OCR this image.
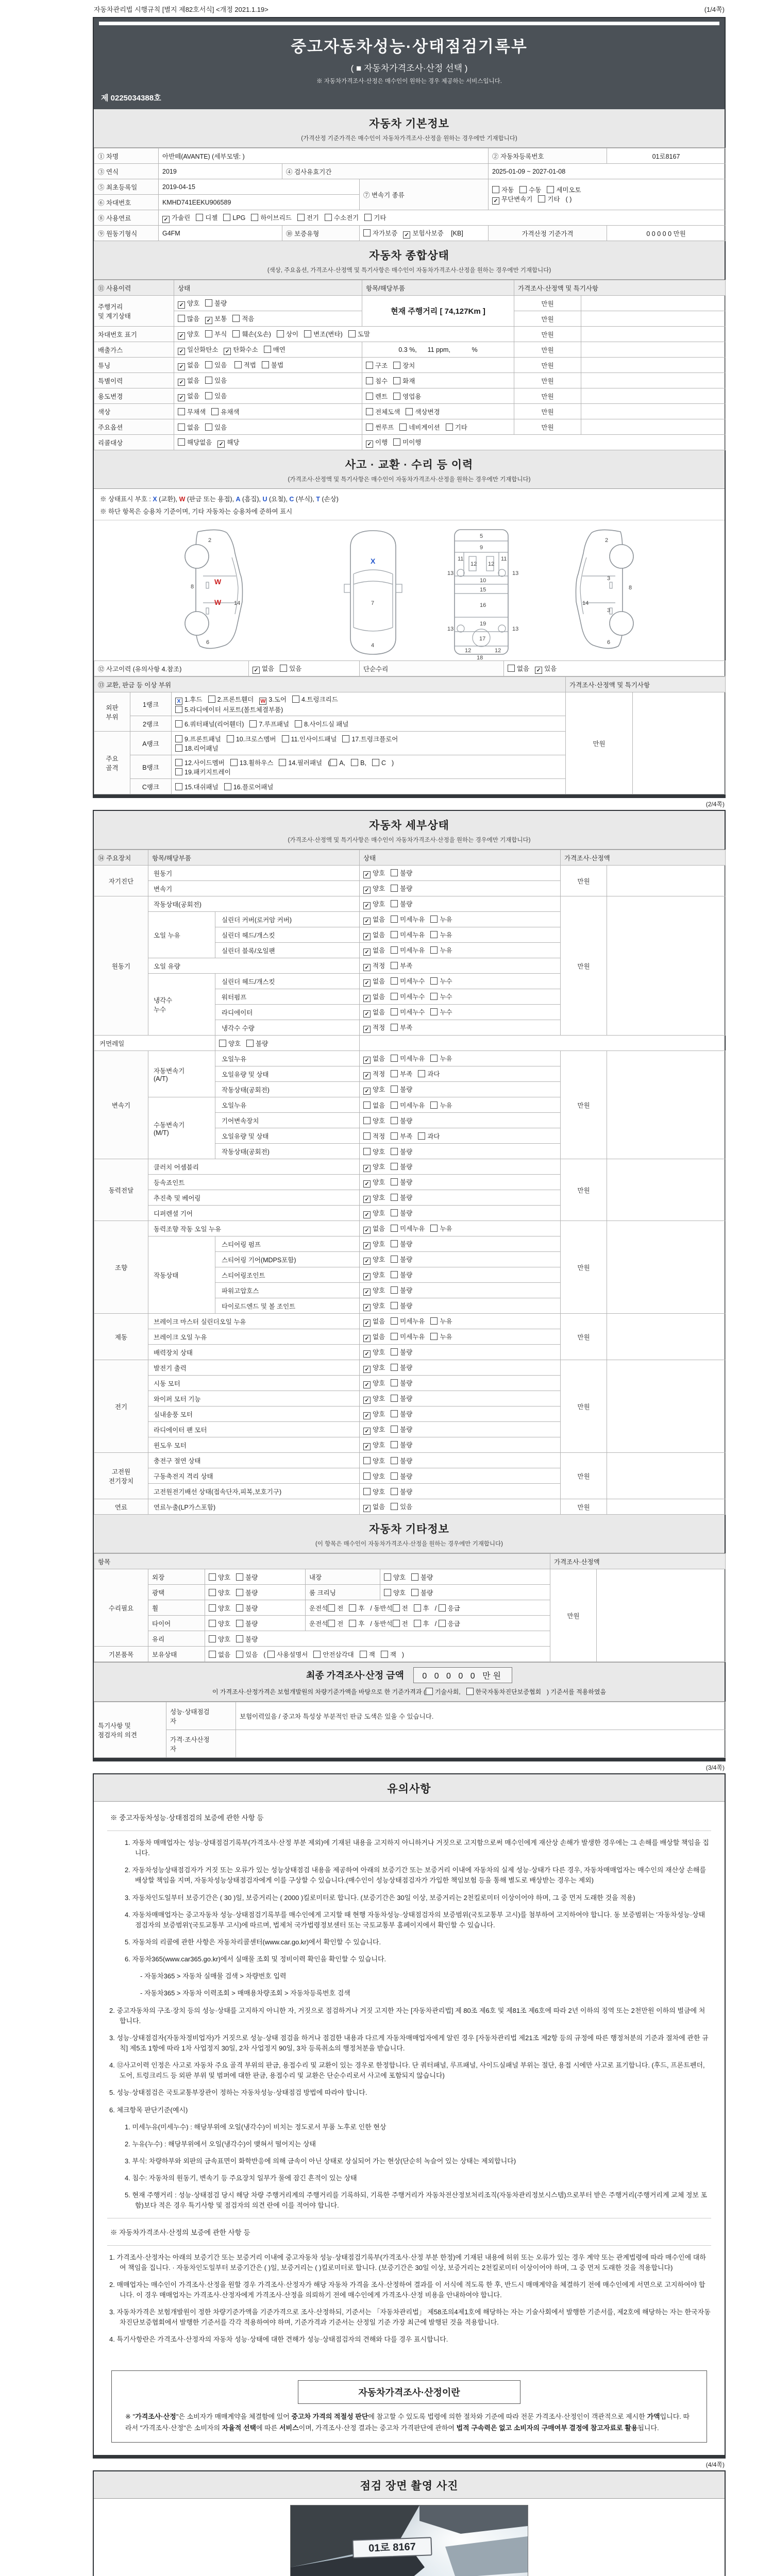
자동차관리법 시행규칙 [별지 제82호서식] <개정 2021.1.19>	(1/4쪽)
중고자동차성능·상태점검기록부
( ■ 자동차가격조사·산정 선택 )
※ 자동차가격조사·산정은 매수인이 원하는 경우 제공하는 서비스입니다.
제 0225034388호
자동차 기본정보
(가격산정 기준가격은 매수인이 자동차가격조사·산정을 원하는 경우에만 기재합니다)
① 차명	아반떼(AVANTE) (세부모델: )			② 자동차등록번호	01로8167
③ 연식	2019	④ 검사유효기간		2025-01-09 ~ 2027-01-08	
⑤ 최초등록일	2019-04-15		⑦ 변속기 종류	자동 수동 세미오토
✓ 무단변속기 기타 ( )	
⑥ 차대번호	KMHD741EEKU906589				
⑧ 사용연료	✓ 가솔린 디젤 LPG 하이브리드 전기 수소전기 기타				
⑨ 원동기형식	G4FM	⑩ 보증유형	자가보증 ✓ 보험사보증 [KB]	가격산정 기준가격	0 0 0 0 0 만원
자동차 종합상태
(색상, 주요옵션, 가격조사·산정액 및 특기사항은 매수인이 자동차가격조사·산정을 원하는 경우에만 기재합니다)
⑪ 사용이력	상태	항목/해당부품	가격조사·산정액 및 특기사항	
주행거리
및 계기상태	✓ 양호 불량	현재 주행거리 [ 74,127Km ]	만원	
	많음 ✓ 보통 적음		만원	
차대번호 표기	✓ 양호 부식 훼손(오손) 상이 변조(변타) 도말		만원	
배출가스	✓ 일산화탄소 ✓ 탄화수소 매연	0.3 %,      11 ppm,            %	만원	
튜닝	✓ 없음 있음 적법 불법	구조 장치	만원	
특별이력	✓ 없음 있음	침수 화재	만원	
용도변경	✓ 없음 있음	렌트 영업용	만원	
색상	무채색 유채색	전체도색 색상변경	만원	
주요옵션	없음 있음	썬루프 네비게이션 기타	만원	
리콜대상	해당없음 ✓ 해당	✓ 이행 미이행		
사고 · 교환 · 수리 등 이력
(가격조사·산정액 및 특기사항은 매수인이 자동차가격조사·산정을 원하는 경우에만 기재합니다)
※ 상태표시 부호 : X (교환), W (판금 또는 용접), A (흠집), U (요철), C (부식), T (손상)
※ 하단 항목은 승용차 기준이며, 기타 자동차는 승용차에 준하여 표시
2
8
14
6
W
W
X
7
4
5
9
11	11
13	13
12 12
10
15
16
19
13	13
12	12
17
18
2
3
8
14
3
6
⑫ 사고이력 (유의사항 4.참조)	✓ 없음 있음	단순수리	없음 ✓ 있음
⑬ 교환, 판금 등 이상 부위			가격조사·산정액 및 특기사항	
외판
부위	1랭크	X 1.후드 2.프론트휀더 W 3.도어 4.트렁크리드
5.라디에이터 서포트(볼트체결부품)	만원	
	2랭크	6.쿼터패널(리어휀더) 7.루프패널 8.사이드실 패널		
주요
골격	A랭크	9.프론트패널 10.크로스멤버 11.인사이드패널 17.트렁크플로어
18.리어패널		
	B랭크	12.사이드멤버 13.휠하우스 14.필러패널 ( A, B, C )
19.패키지트레이		
	C랭크	15.대쉬패널 16.플로어패널		
(2/4쪽)
자동차 세부상태
(가격조사·산정액 및 특기사항은 매수인이 자동차가격조사·산정을 원하는 경우에만 기재합니다)
⑭ 주요장치	항목/해당부품		상태	가격조사·산정액	
자기진단	원동기		✓ 양호 불량	만원	
	변속기		✓ 양호 불량		
원동기	작동상태(공회전)		✓ 양호 불량	만원	
	오일 누유	실린더 커버(로커암 커버)	✓ 없음 미세누유 누유		
		실린더 헤드/개스킷	✓ 없음 미세누유 누유		
		실린더 블록/오일팬	✓ 없음 미세누유 누유		
	오일 유량		✓ 적정 부족		
	냉각수
누수	실린더 헤드/개스킷	✓ 없음 미세누수 누수		
		워터펌프	✓ 없음 미세누수 누수		
		라디에이터	✓ 없음 미세누수 누수		
		냉각수 수량	✓ 적정 부족		
커먼레일		양호 불량			
변속기	자동변속기
(A/T)	오일누유	✓ 없음 미세누유 누유	만원	
		오일유량 및 상태	✓ 적정 부족 과다		
		작동상태(공회전)	✓ 양호 불량		
	수동변속기
(M/T)	오일누유	없음 미세누유 누유		
		기어변속장치	양호 불량		
		오일유량 및 상태	적정 부족 과다		
		작동상태(공회전)	양호 불량		
동력전달	클러치 어셈블리		✓ 양호 불량	만원	
	등속죠인트		✓ 양호 불량		
	추진축 및 베어링		✓ 양호 불량		
	디퍼렌셜 기어		✓ 양호 불량		
조향	동력조향 작동 오일 누유		✓ 없음 미세누유 누유	만원	
	작동상태	스티어링 펌프	✓ 양호 불량		
		스티어링 기어(MDPS포함)	✓ 양호 불량		
		스티어링조인트	✓ 양호 불량		
		파워고압호스	✓ 양호 불량		
		타이로드엔드 및 볼 조인트	✓ 양호 불량		
제동	브레이크 마스터 실린더오일 누유		✓ 없음 미세누유 누유	만원	
	브레이크 오일 누유		✓ 없음 미세누유 누유		
	배력장치 상태		✓ 양호 불량		
전기	발전기 출력		✓ 양호 불량	만원	
	시동 모터		✓ 양호 불량		
	와이퍼 모터 기능		✓ 양호 불량		
	실내송풍 모터		✓ 양호 불량		
	라디에이터 팬 모터		✓ 양호 불량		
	윈도우 모터		✓ 양호 불량		
고전원
전기장치	충전구 절연 상태		양호 불량	만원	
	구동축전지 격리 상태		양호 불량		
	고전원전기배선 상태(접속단자,피복,보호기구)		양호 불량		
연료	연료누출(LP가스포함)		✓ 없음 있음	만원	
자동차 기타정보
(이 항목은 매수인이 자동차가격조사·산정을 원하는 경우에만 기재합니다)
항목					가격조사·산정액	
수리필요	외장	양호 불량	내장	양호 불량	만원	
	광택	양호 불량	룸 크리닝	양호 불량		
	휠	양호 불량	운전석 전 후 / 동반석 전 후 / 응급			
	타이어	양호 불량	운전석 전 후 / 동반석 전 후 / 응급			
	유리	양호 불량				
기본품목	보유상태	없음 있음 ( 사용설명서 안전삼각대 잭 잭 )				
최종 가격조사·산정 금액 0 0 0 0 0 만원
이 가격조사·산정가격은 보험개발원의 차량기준가액을 바탕으로 한 기준가격과 ( 기술사회, 한국자동차진단보증협회 ) 기준서를 적용하였음
특기사항 및
점검자의 의견	성능·상태점검
자	보험이력있음 / 중고차 특성상 부분적인 판금 도색은 있을 수 있습니다.
	가격·조사산정
자	
(3/4쪽)
유의사항
※ 중고자동차성능·상태점검의 보증에 관한 사항 등
1. 자동차 매매업자는 성능·상태점검기록부(가격조사·산정 부분 제외)에 기재된 내용을 고지하지 아니하거나 거짓으로 고지함으로써 매수인에게 재산상 손해가 발생한 경우에는 그 손해를 배상할 책임을 집니다.
2. 자동차성능상태점검자가 거짓 또는 오류가 있는 성능상태점검 내용을 제공하여 아래의 보증기간 또는 보증거리 이내에 자동차의 실제 성능·상태가 다른 경우, 자동차매매업자는 매수인의 재산상 손해를 배상할 책임을 지며, 자동차성능상태점검자에게 이를 구상할 수 있습니다.(매수인이 성능상태점검자가 가입한 책임보험 등을 통해 별도로 배상받는 경우는 제외)
3. 자동차인도일부터 보증기간은 ( 30 )일, 보증거리는 ( 2000 )킬로미터로 합니다. (보증기간은 30일 이상, 보증거리는 2천킬로미터 이상이어야 하며, 그 중 먼저 도래한 것을 적용)
4. 자동차매매업자는 중고자동차 성능·상태점검기록부를 매수인에게 고지할 때 현행 자동차성능·상태점검자의 보증범위(국토교통부 고시)를 첨부하여 고지하여야 합니다. 동 보증범위는 '자동차성능·상태점검자의 보증범위'(국토교통부 고시)에 따르며, 법제처 국가법령정보센터 또는 국토교통부 홈페이지에서 확인할 수 있습니다.
5. 자동차의 리콜에 관한 사항은 자동차리콜센터(www.car.go.kr)에서 확인할 수 있습니다.
6. 자동차365(www.car365.go.kr)에서 실매물 조회 및 정비이력 확인을 확인할 수 있습니다.
- 자동차365 > 자동차 실매물 검색 > 차량번호 입력
- 자동차365 > 자동차 이력조회 > 매매용차량조회 > 자동차등록번호 검색
2. 중고자동차의 구조·장치 등의 성능·상태를 고지하지 아니한 자, 거짓으로 점검하거나 거짓 고지한 자는 [자동차관리법] 제 80조 제6호 및 제81조 제6호에 따라 2년 이하의 징역 또는 2천만원 이하의 벌금에 처합니다.
3. 성능·상태점검자(자동차정비업자)가 거짓으로 성능·상태 점검을 하거나 점검한 내용과 다르게 자동차매매업자에게 알린 경우 [자동차관리법 제21조 제2항 등의 규정에 따른 행정처분의 기준과 절차에 관한 규칙] 제5조 1항에 따라 1차 사업정지 30일, 2차 사업정지 90일, 3차 등록취소의 행정처분을 받습니다.
4. ⑫사고이력 인정은 사고로 자동차 주요 골격 부위의 판금, 용접수리 및 교환이 있는 경우로 한정합니다. 단 쿼터패널, 루프패널, 사이드실패널 부위는 절단, 용접 시에만 사고로 표기합니다. (후드, 프론트펜더, 도어, 트렁크리드 등 외판 부위 및 범퍼에 대한 판금, 용접수리 및 교환은 단순수리로서 사고에 포함되지 않습니다)
5. 성능·상태점검은 국토교통부장관이 정하는 자동차성능·상태점검 방법에 따라야 합니다.
6. 체크항목 판단기준(예시)
1. 미세누유(미세누수) : 해당부위에 오일(냉각수)이 비치는 정도로서 부품 노후로 인한 현상
2. 누유(누수) : 해당부위에서 오일(냉각수)이 맺혀서 떨어지는 상태
3. 부식: 차량하부와 외판의 금속표면이 화학반응에 의해 금속이 아닌 상태로 상실되어 가는 현상(단순히 녹슬어 있는 상태는 제외합니다)
4. 침수: 자동차의 원동기, 변속기 등 주요장치 일부가 물에 잠긴 흔적이 있는 상태
5. 현재 주행거리 : 성능·상태점검 당시 해당 차량 주행거리계의 주행거리를 기록하되, 기록한 주행거리가 자동차전산정보처리조직(자동차관리정보시스템)으로부터 받은 주행거리(주행거리계 교체 정보 포함)보다 적은 경우 특기사항 및 점검자의 의견 란에 이를 적어야 합니다.
※ 자동차가격조사·산정의 보증에 관한 사항 등
1. 가격조사·산정자는 아래의 보증기간 또는 보증거리 이내에 중고자동차 성능·상태점검기록부(가격조사·산정 부분 한정)에 기재된 내용에 허위 또는 오류가 있는 경우 계약 또는 관계법령에 따라 매수인에 대하여 책임을 집니다. · 자동차인도일부터 보증기간은 ( )일, 보증거리는 ( )킬로미터로 합니다. (보증기간은 30일 이상, 보증거리는 2천킬로미터 이상이어야 하며, 그 중 먼저 도래한 것을 적용합니다)
2. 매매업자는 매수인이 가격조사·산정을 원할 경우 가격조사·산정자가 해당 자동차 가격을 조사·산정하여 결과를 이 서식에 적도록 한 후, 반드시 매매계약을 체결하기 전에 매수인에게 서면으로 고지하여야 합니다. 이 경우 매매업자는 가격조사·산정자에게 가격조사·산정을 의뢰하기 전에 매수인에게 가격조사·산정 비용을 안내하여야 합니다.
3. 자동차가격은 보험개발원이 정한 차량기준가액을 기준가격으로 조사·산정하되, 기준서는 「자동차관리법」 제58조의4제1호에 해당하는 자는 기술사회에서 발행한 기준서를, 제2호에 해당하는 자는 한국자동차진단보증협회에서 발행한 기준서를 각각 적용하여야 하며, 기준가격과 기준서는 산정일 기준 가장 최근에 발행된 것을 적용합니다.
4. 특기사항란은 가격조사·산정자의 자동차 성능·상태에 대한 견해가 성능·상태점검자의 견해와 다를 경우 표시합니다.
자동차가격조사·산정이란
※ "가격조사·산정"은 소비자가 매매계약을 체결함에 있어 중고차 가격의 적절성 판단에 참고할 수 있도록 법령에 의한 절차와 기준에 따라 전문 가격조사·산정인이 객관적으로 제시한 가액입니다. 따라서 "가격조사·산정"은 소비자의 자율적 선택에 따른 서비스이며, 가격조사·산정 결과는 중고차 가격판단에 관하여 법적 구속력은 없고 소비자의 구매여부 결정에 참고자료로 활용됩니다.
(4/4쪽)
점검 장면 촬영 사진
01로 8167
